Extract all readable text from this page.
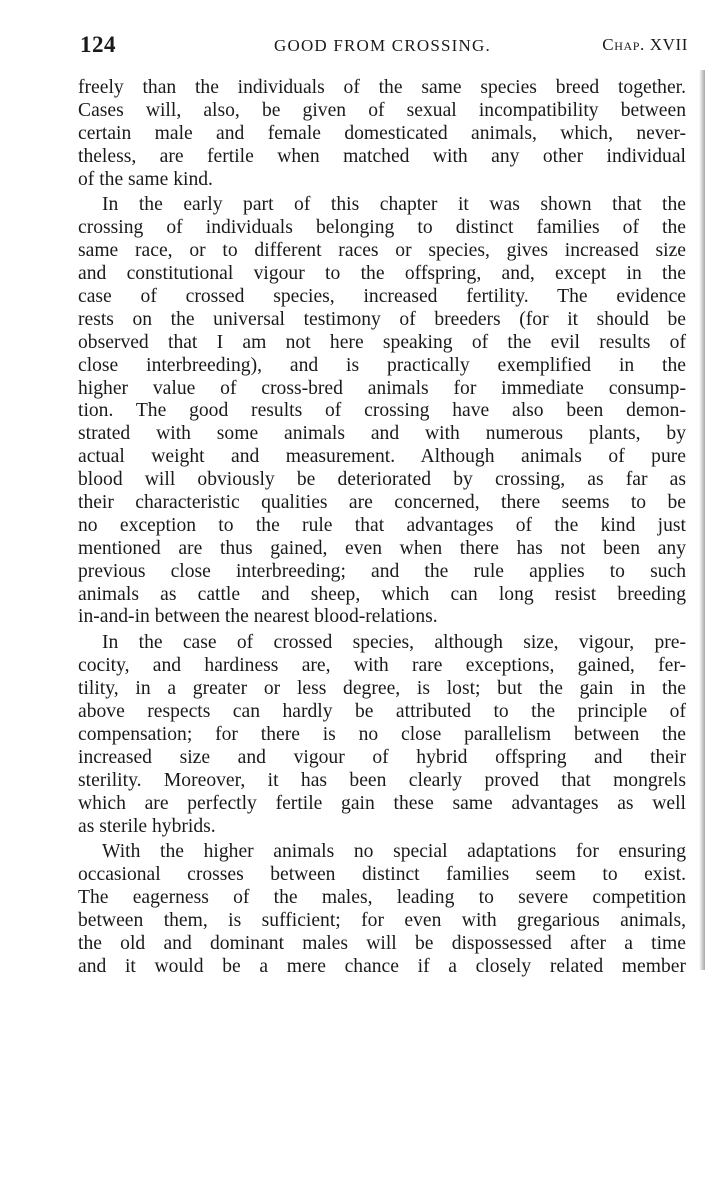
124	GOOD FROM CROSSING.	Chap. XVII
freely than the individuals of the same species breed together.
Cases will, also, be given of sexual incompatibility between
certain male and female domesticated animals, which, never-
theless, are fertile when matched with any other individual
of the same kind.
In the early part of this chapter it was shown that the
crossing of individuals belonging to distinct families of the
same race, or to different races or species, gives increased size
and constitutional vigour to the offspring, and, except in the
case of crossed species, increased fertility. The evidence
rests on the universal testimony of breeders (for it should be
observed that I am not here speaking of the evil results of
close interbreeding), and is practically exemplified in the
higher value of cross-bred animals for immediate consump-
tion. The good results of crossing have also been demon-
strated with some animals and with numerous plants, by
actual weight and measurement. Although animals of pure
blood will obviously be deteriorated by crossing, as far as
their characteristic qualities are concerned, there seems to be
no exception to the rule that advantages of the kind just
mentioned are thus gained, even when there has not been any
previous close interbreeding; and the rule applies to such
animals as cattle and sheep, which can long resist breeding
in-and-in between the nearest blood-relations.
In the case of crossed species, although size, vigour, pre-
cocity, and hardiness are, with rare exceptions, gained, fer-
tility, in a greater or less degree, is lost; but the gain in the
above respects can hardly be attributed to the principle of
compensation; for there is no close parallelism between the
increased size and vigour of hybrid offspring and their
sterility. Moreover, it has been clearly proved that mongrels
which are perfectly fertile gain these same advantages as well
as sterile hybrids.
With the higher animals no special adaptations for ensuring
occasional crosses between distinct families seem to exist.
The eagerness of the males, leading to severe competition
between them, is sufficient; for even with gregarious animals,
the old and dominant males will be dispossessed after a time
and it would be a mere chance if a closely related member
